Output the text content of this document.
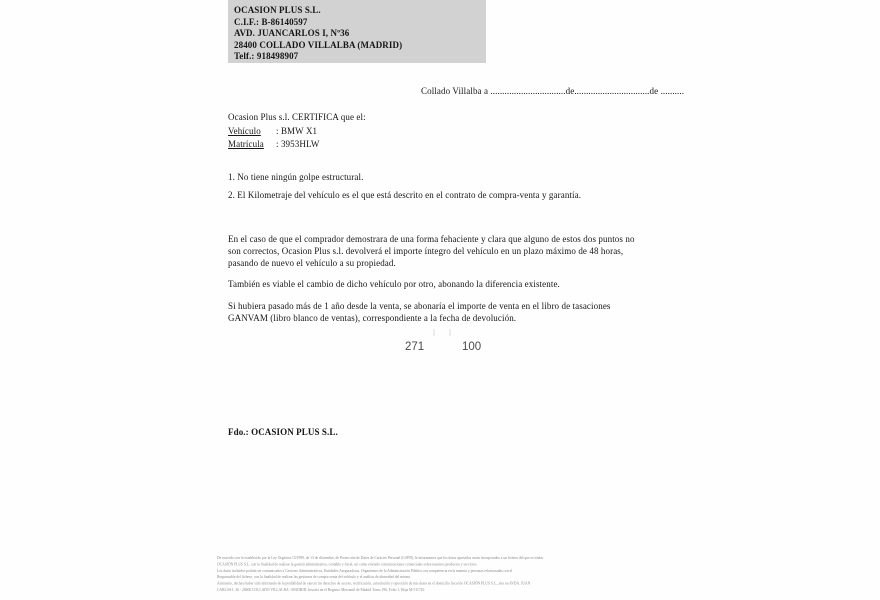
OCASION PLUS S.L.
C.I.F.: B-86140597
AVD. JUANCARLOS I, Nº36
28400 COLLADO VILLALBA (MADRID)
Telf.: 918498907
Collado Villalba a ................................de................................de ..........
Ocasion Plus s.l. CERTIFICA que el:
Vehículo : BMW X1
Matrícula : 3953HLW
1. No tiene ningún golpe estructural.
2. El Kilometraje del vehículo es el que está descrito en el contrato de compra-venta y garantía.
En el caso de que el comprador demostrara de una forma fehaciente y clara que alguno de estos dos puntos no
son correctos, Ocasion Plus s.l. devolverá el importe íntegro del vehículo en un plazo máximo de 48 horas,
pasando de nuevo el vehículo a su propiedad.
También es viable el cambio de dicho vehículo por otro, abonando la diferencia existente.
Si hubiera pasado más de 1 año desde la venta, se abonaría el importe de venta en el libro de tasaciones
GANVAM (libro blanco de ventas), correspondiente a la fecha de devolución.
271	100
Fdo.: OCASION PLUS S.L.
De acuerdo con lo establecido por la Ley Orgánica 15/1999, de 13 de diciembre, de Protección de Datos de Carácter Personal (LOPD), le informamos que los datos aportados serán incorporados a un fichero del que es titular
OCASIÓN PLUS S.L. con la finalidad de realizar la gestión administrativa, contable y fiscal, así como enviarle comunicaciones comerciales sobre nuestros productos y servicios.
Los datos incluidos podrán ser comunicados a Gestores Administrativos, Entidades Aseguradoras, Organismos de la Administración Pública con competencia en la materia y personas relacionadas con el
Responsable del fichero, con la finalidad de realizar las gestiones de compra venta del vehículo y el análisis de idoneidad del mismo.
Asimismo, declaro haber sido informado de la posibilidad de ejercer los derechos de acceso, rectificación, cancelación y oposición de mis datos en el domicilio fiscal de OCASIÓN PLUS S.L., sito en AVDA. JUAN
CARLOS I, 36 - 28400 COLLADO VILLALBA - MADRID. Inscrita en el Registro Mercantil de Madrid Tomo 196, Folio 1, Hoja M-511716
